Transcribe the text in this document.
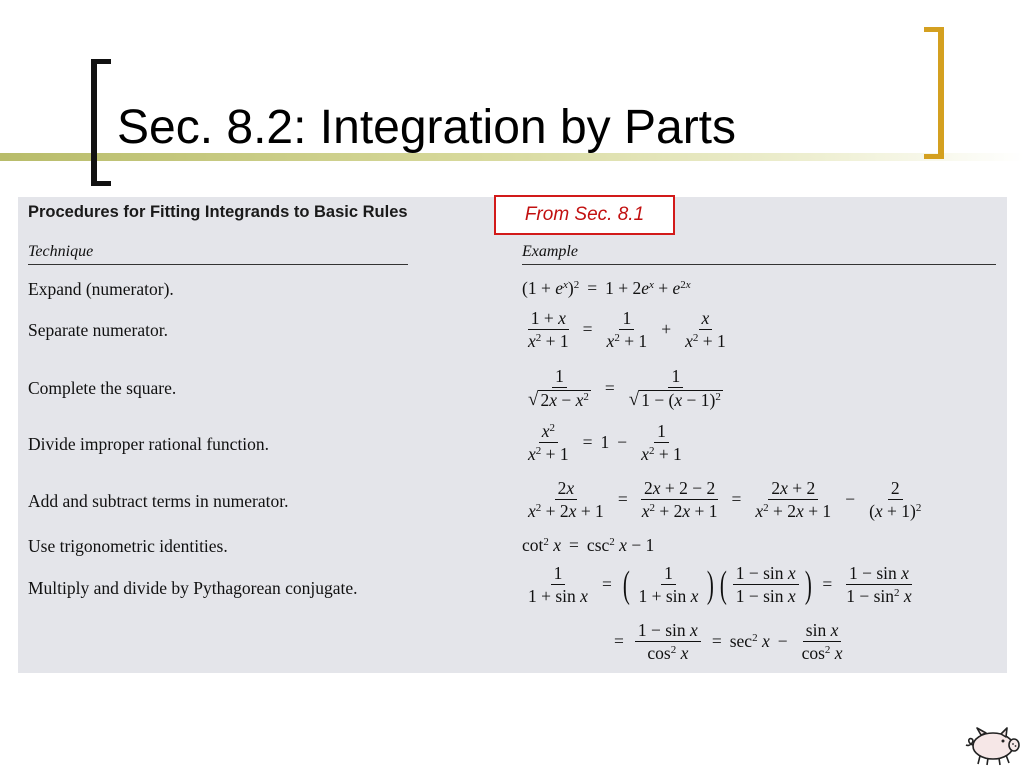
Sec. 8.2: Integration by Parts
Procedures for Fitting Integrands to Basic Rules	From Sec. 8.1
Technique	Example
Expand (numerator).
Separate numerator.
Complete the square.
Divide improper rational function.
Add and subtract terms in numerator.
Use trigonometric identities.
Multiply and divide by Pythagorean conjugate.
$(1 + e^x)^2 = 1 + 2e^x + e^{2x}$
$\frac{1 + x}{x^2 + 1} = \frac{1}{x^2 + 1} + \frac{x}{x^2 + 1}$
$\frac{1}{√ 2x - x^2} = \frac{1}{√ 1 - (x - 1)^2}$
$\frac{x^2}{x^2 + 1} = 1 - \frac{1}{x^2 + 1}$
$\frac{2x}{x^2 + 2x + 1} = \frac{2x + 2 - 2}{x^2 + 2x + 1} = \frac{2x + 2}{x^2 + 2x + 1} - \frac{2}{(x + 1)^2}$
$\cot^2 x = \csc^2 x - 1$
$\frac{1}{\text{1 + sin x}}$ = ( $\frac{1}{\text{1 + sin x}}$ ) ( $\frac{\text{1 − sin x}}{\text{1 − sin x}}$ ) = $\frac{\text{1 − sin x}}{1 - \sin^2 x}$
= $\frac{\text{1 − sin x}}{\cos^2 x} = \sec^2 x - \frac{\text{sin x}}{\cos^2 x}$
